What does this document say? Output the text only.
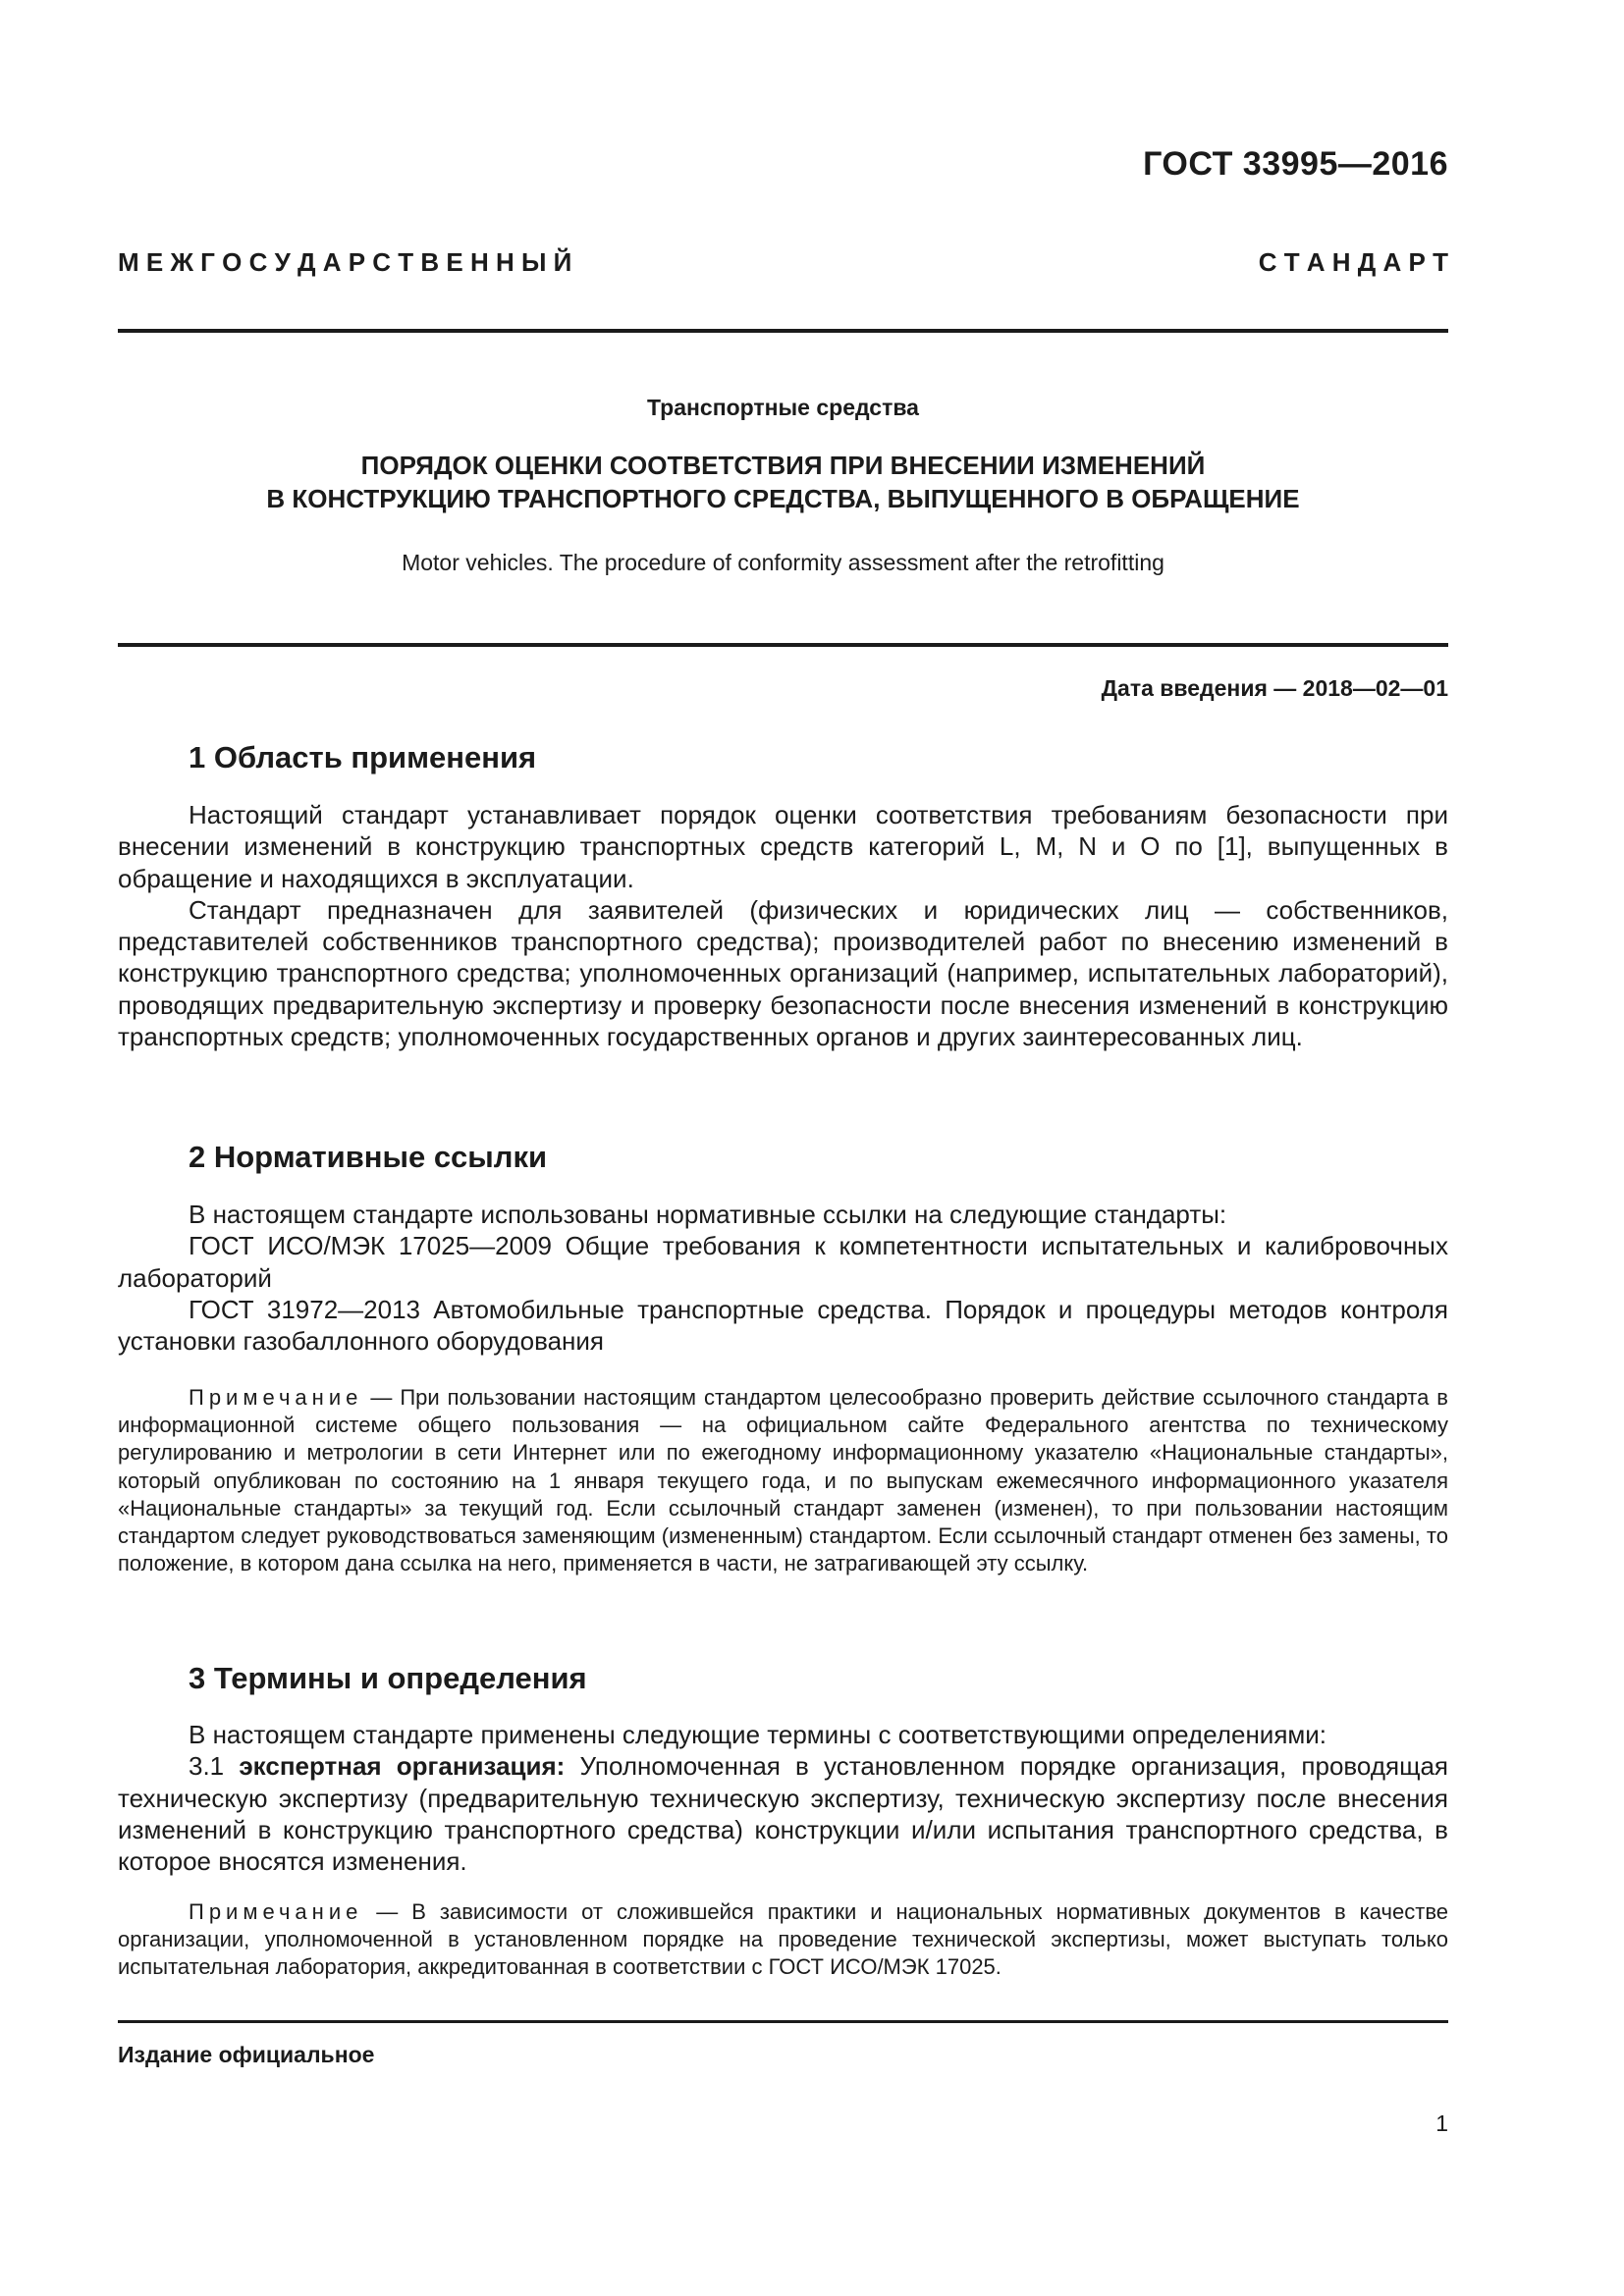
ГОСТ 33995—2016
М Е Ж Г О С У Д А Р С Т В Е Н Н Ы Й	С Т А Н Д А Р Т
Транспортные средства
ПОРЯДОК ОЦЕНКИ СООТВЕТСТВИЯ ПРИ ВНЕСЕНИИ ИЗМЕНЕНИЙ
В КОНСТРУКЦИЮ ТРАНСПОРТНОГО СРЕДСТВА, ВЫПУЩЕННОГО В ОБРАЩЕНИЕ
Motor vehicles. The procedure of conformity assessment after the retrofitting
Дата введения — 2018—02—01
1 Область применения

Настоящий стандарт устанавливает порядок оценки соответствия требованиям безопасности при внесении изменений в конструкцию транспортных средств категорий L, M, N и O по [1], выпущенных в обращение и находящихся в эксплуатации.

Стандарт предназначен для заявителей (физических и юридических лиц — собственников, представителей собственников транспортного средства); производителей работ по внесению изменений в конструкцию транспортного средства; уполномоченных организаций (например, испытательных лабораторий), проводящих предварительную экспертизу и проверку безопасности после внесения изменений в конструкцию транспортных средств; уполномоченных государственных органов и других заинтересованных лиц.

2 Нормативные ссылки

В настоящем стандарте использованы нормативные ссылки на следующие стандарты:

ГОСТ ИСО/МЭК 17025—2009 Общие требования к компетентности испытательных и калибровочных лабораторий

ГОСТ 31972—2013 Автомобильные транспортные средства. Порядок и процедуры методов контроля установки газобаллонного оборудования

Примечание — При пользовании настоящим стандартом целесообразно проверить действие ссылочного стандарта в информационной системе общего пользования — на официальном сайте Федерального агентства по техническому регулированию и метрологии в сети Интернет или по ежегодному информационному указателю «Национальные стандарты», который опубликован по состоянию на 1 января текущего года, и по выпускам ежемесячного информационного указателя «Национальные стандарты» за текущий год. Если ссылочный стандарт заменен (изменен), то при пользовании настоящим стандартом следует руководствоваться заменяющим (измененным) стандартом. Если ссылочный стандарт отменен без замены, то положение, в котором дана ссылка на него, применяется в части, не затрагивающей эту ссылку.

3 Термины и определения

В настоящем стандарте применены следующие термины с соответствующими определениями:

3.1 экспертная организация: Уполномоченная в установленном порядке организация, проводящая техническую экспертизу (предварительную техническую экспертизу, техническую экспертизу после внесения изменений в конструкцию транспортного средства) конструкции и/или испытания транспортного средства, в которое вносятся изменения.

Примечание — В зависимости от сложившейся практики и национальных нормативных документов в качестве организации, уполномоченной в установленном порядке на проведение технической экспертизы, может выступать только испытательная лаборатория, аккредитованная в соответствии с ГОСТ ИСО/МЭК 17025.

Издание официальное
1
